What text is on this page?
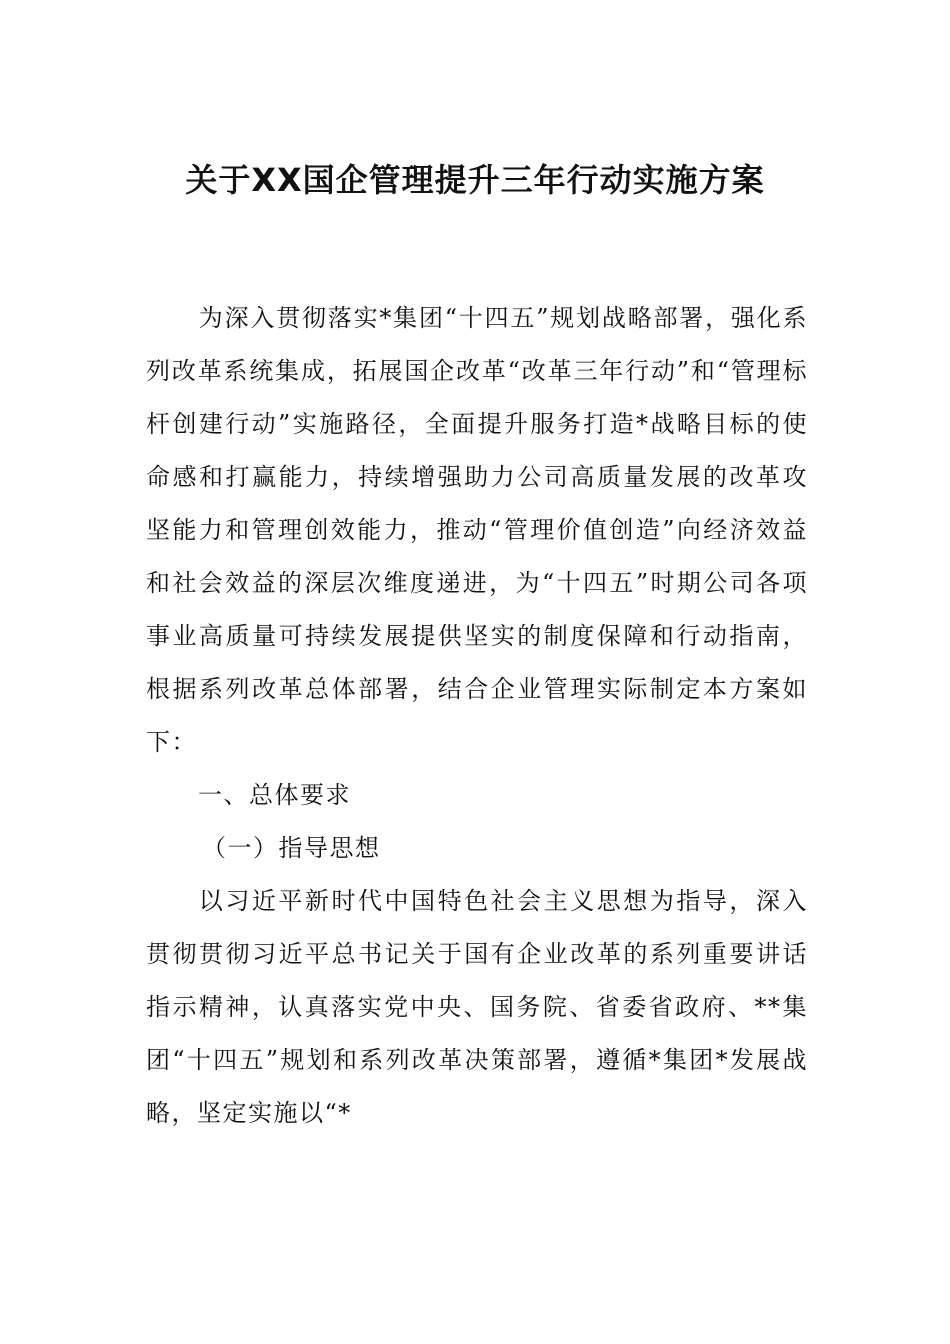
关于XX国企管理提升三年行动实施方案

为深入贯彻落实*集团“十四五”规划战略部署，强化系列改革系统集成，拓展国企改革“改革三年行动”和“管理标杆创建行动”实施路径，全面提升服务打造*战略目标的使命感和打赢能力，持续增强助力公司高质量发展的改革攻坚能力和管理创效能力，推动“管理价值创造”向经济效益和社会效益的深层次维度递进，为“十四五”时期公司各项事业高质量可持续发展提供坚实的制度保障和行动指南，根据系列改革总体部署，结合企业管理实际制定本方案如下：

一、总体要求

（一）指导思想

以习近平新时代中国特色社会主义思想为指导，深入贯彻贯彻习近平总书记关于国有企业改革的系列重要讲话指示精神，认真落实党中央、国务院、省委省政府、**集团“十四五”规划和系列改革决策部署，遵循*集团*发展战略，坚定实施以“*
